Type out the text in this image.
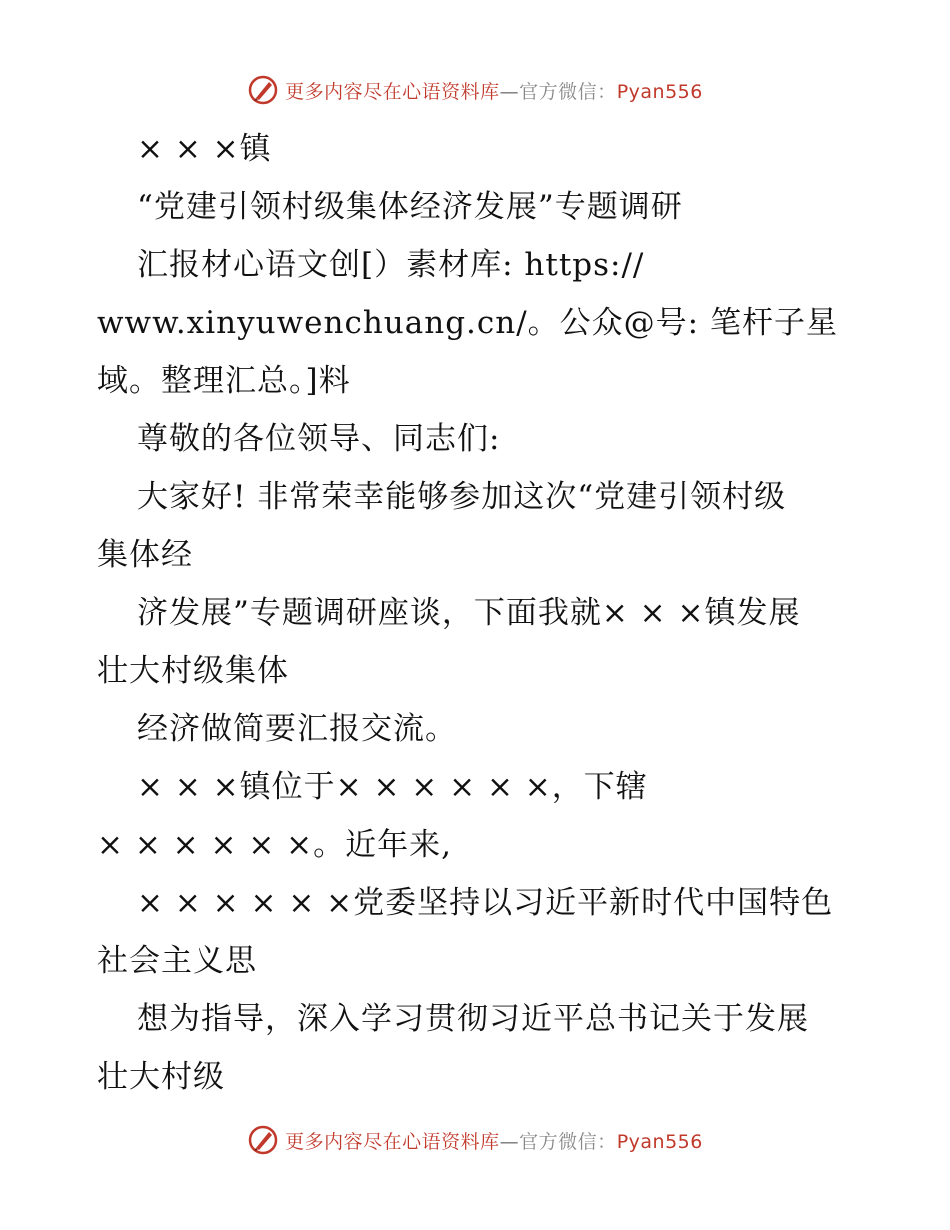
更多内容尽在心语资料库—官方微信：Pyan556
× × ×镇
“党建引领村级集体经济发展”专题调研
汇报材心语文创[）素材库: https://
www.xinyuwenchuang.cn/。公众@号: 笔杆子星
域。整理汇总。]料
尊敬的各位领导、同志们:
大家好! 非常荣幸能够参加这次“党建引领村级
集体经
济发展”专题调研座谈，下面我就× × ×镇发展
壮大村级集体
经济做简要汇报交流。
× × ×镇位于× × × × × ×，下辖
× × × × × ×。近年来,
× × × × × ×党委坚持以习近平新时代中国特色
社会主义思
想为指导，深入学习贯彻习近平总书记关于发展
壮大村级
更多内容尽在心语资料库—官方微信：Pyan556
